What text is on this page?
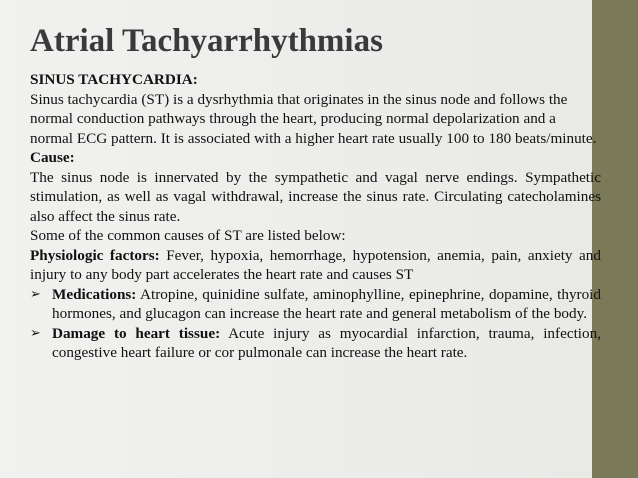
Atrial Tachyarrhythmias

SINUS TACHYCARDIA:

Sinus tachycardia (ST) is a dysrhythmia that originates in the sinus node and follows the normal conduction pathways through the heart, producing normal depolarization and a normal ECG pattern. It is associated with a higher heart rate usually 100 to 180 beats/minute.

Cause:

The sinus node is innervated by the sympathetic and vagal nerve endings. Sympathetic stimulation, as well as vagal withdrawal, increase the sinus rate. Circulating catecholamines also affect the sinus rate.

Some of the common causes of ST are listed below:

Physiologic factors: Fever, hypoxia, hemorrhage, hypotension, anemia, pain, anxiety and injury to any body part accelerates the heart rate and causes ST

➢ Medications: Atropine, quinidine sulfate, aminophylline, epinephrine, dopamine, thyroid hormones, and glucagon can increase the heart rate and general metabolism of the body.
➢ Damage to heart tissue: Acute injury as myocardial infarction, trauma, infection, congestive heart failure or cor pulmonale can increase the heart rate.
